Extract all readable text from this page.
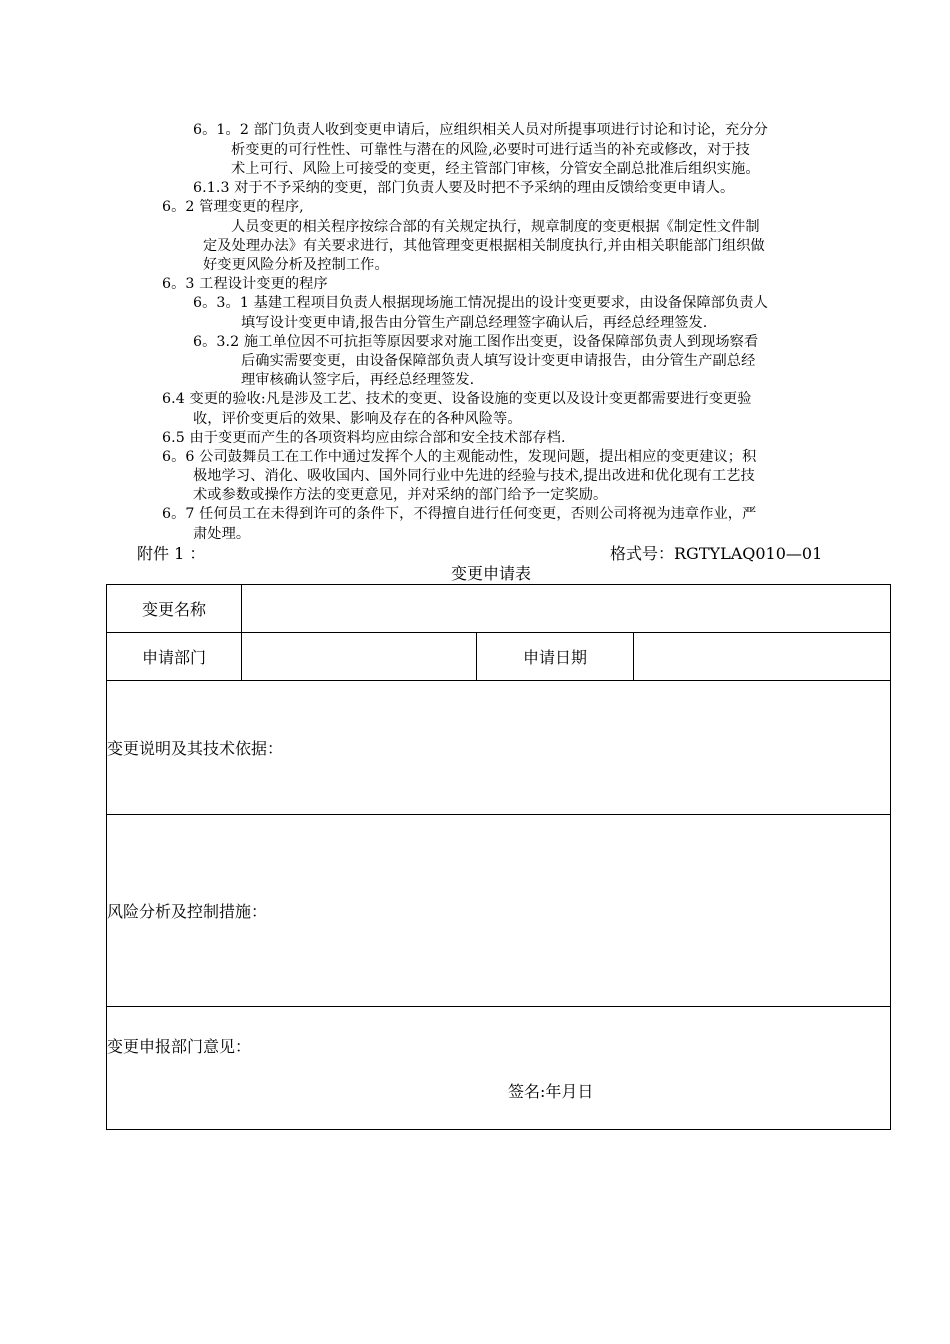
6。1。2 部门负责人收到变更申请后，应组织相关人员对所提事项进行讨论和讨论，充分分
析变更的可行性性、可靠性与潜在的风险,必要时可进行适当的补充或修改，对于技
术上可行、风险上可接受的变更，经主管部门审核，分管安全副总批准后组织实施。
6.1.3 对于不予采纳的变更，部门负责人要及时把不予采纳的理由反馈给变更申请人。
6。2 管理变更的程序,
人员变更的相关程序按综合部的有关规定执行，规章制度的变更根据《制定性文件制
定及处理办法》有关要求进行，其他管理变更根据相关制度执行,并由相关职能部门组织做
好变更风险分析及控制工作。
6。3 工程设计变更的程序
6。3。1 基建工程项目负责人根据现场施工情况提出的设计变更要求，由设备保障部负责人
填写设计变更申请,报告由分管生产副总经理签字确认后，再经总经理签发.
6。3.2 施工单位因不可抗拒等原因要求对施工图作出变更，设备保障部负责人到现场察看
后确实需要变更，由设备保障部负责人填写设计变更申请报告，由分管生产副总经
理审核确认签字后，再经总经理签发.
6.4 变更的验收:凡是涉及工艺、技术的变更、设备设施的变更以及设计变更都需要进行变更验
收，评价变更后的效果、影响及存在的各种风险等。
6.5 由于变更而产生的各项资料均应由综合部和安全技术部存档.
6。6 公司鼓舞员工在工作中通过发挥个人的主观能动性，发现问题，提出相应的变更建议；积
极地学习、消化、吸收国内、国外同行业中先进的经验与技术,提出改进和优化现有工艺技
术或参数或操作方法的变更意见，并对采纳的部门给予一定奖励。
6。7 任何员工在未得到许可的条件下，不得擅自进行任何变更，否则公司将视为违章作业，严
肃处理。
附件 1 ：	格式号：RGTYLAQ010—01
变更申请表
变更名称			
申请部门		申请日期	
变更说明及其技术依据：			
风险分析及控制措施：			

变更申报部门意见：
签名:年月日			
